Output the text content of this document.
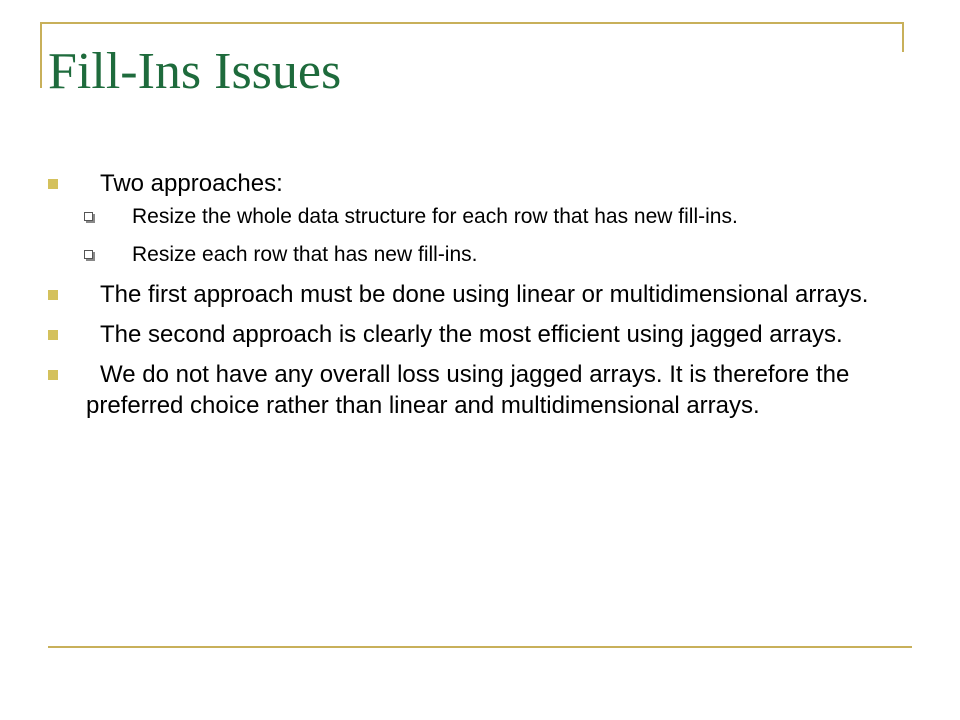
Fill-Ins Issues
Two approaches:
Resize the whole data structure for each row that has new fill-ins.
Resize each row that has new fill-ins.
The first approach must be done using linear or multidimensional arrays.
The second approach is clearly the most efficient using jagged arrays.
We do not have any overall loss using jagged arrays. It is therefore the preferred choice rather than linear and multidimensional arrays.
